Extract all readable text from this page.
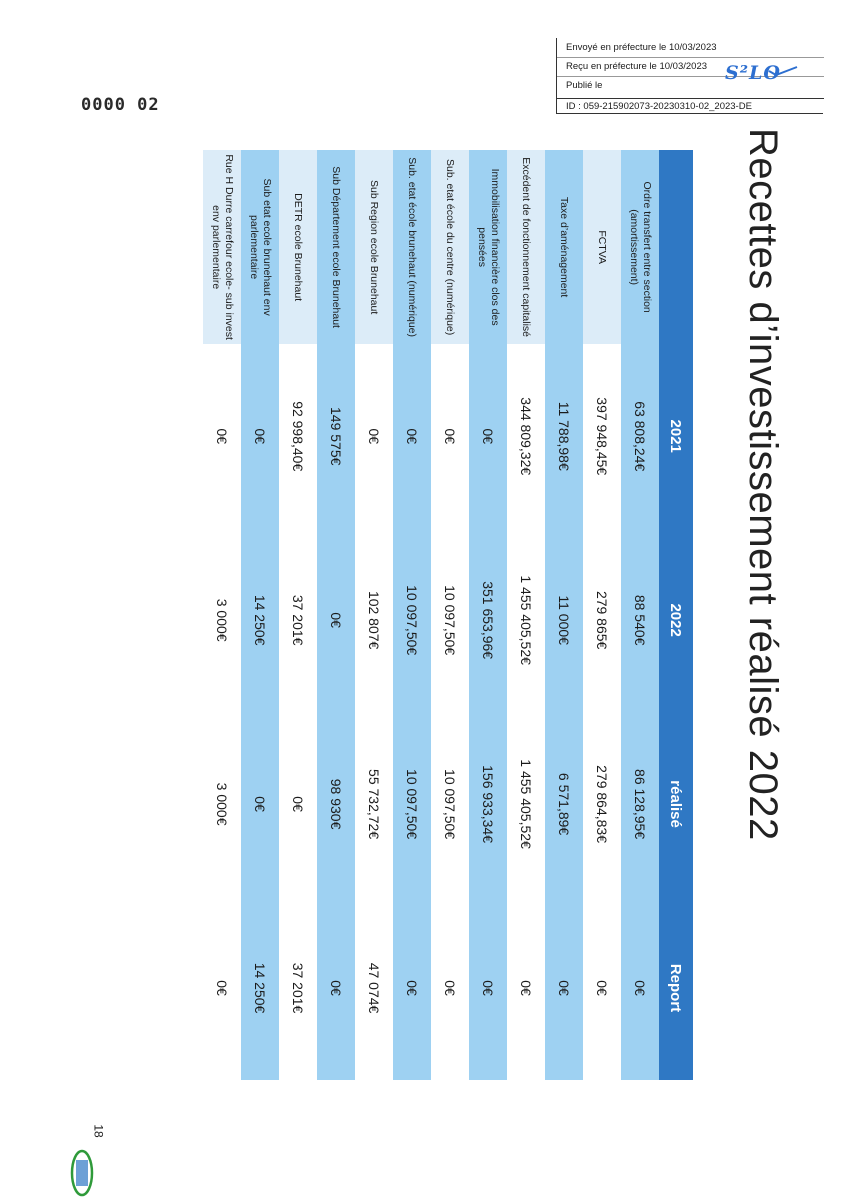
Envoyé en préfecture le 10/03/2023
Reçu en préfecture le 10/03/2023
Publié le
ID : 059-215902073-20230310-02_2023-DE
S²LO
0000 02
Recettes d’investissement réalisé 2022
	2021	2022	réalisé	Report
Ordre transfert entre section (amortissement)	63 808,24€	88 540€	86 128,95€	0€
FCTVA	397 948,45€	279 865€	279 864,83€	0€
Taxe d’aménagement	11 788,98€	11 000€	6 571,89€	0€
Excédent de fonctionnement capitalisé	344 809,32€	1 455 405,52€	1 455 405,52€	0€
Immobilisation financière clos des pensées	0€	351 653,96€	156 933,34€	0€
Sub. etat école du centre (numérique)	0€	10 097,50€	10 097,50€	0€
Sub. etat école brunehaut (numérique)	0€	10 097,50€	10 097,50€	0€
Sub Region ecole Brunehaut	0€	102 807€	55 732,72€	47 074€
Sub Département ecole Brunehaut	149 575€	0€	98 930€	0€
DETR ecole Brunehaut	92 998,40€	37 201€	0€	37 201€
Sub etat ecole brunehaut env parlementaire	0€	14 250€	0€	14 250€
Rue H Durre carrefour ecole- sub invest env parlementaire	0€	3 000€	3 000€	0€
18
